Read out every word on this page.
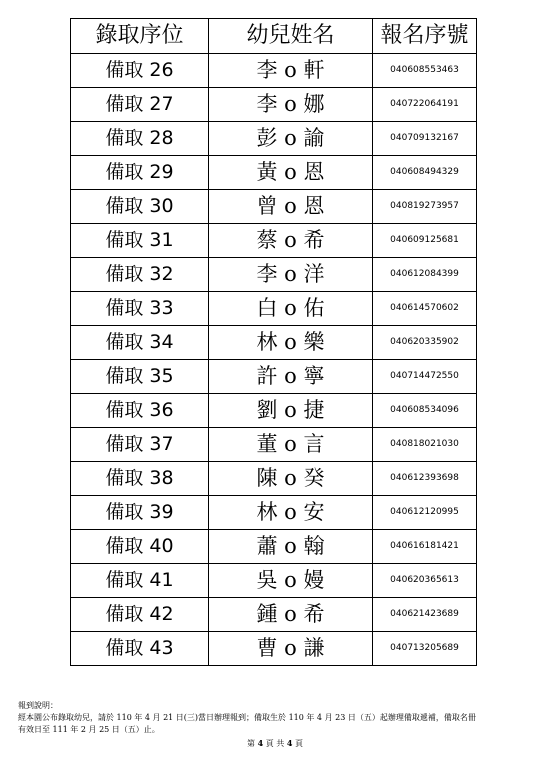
錄取序位	幼兒姓名	報名序號
備取 26	李 o 軒	040608553463
備取 27	李 o 娜	040722064191
備取 28	彭 o 諭	040709132167
備取 29	黃 o 恩	040608494329
備取 30	曾 o 恩	040819273957
備取 31	蔡 o 希	040609125681
備取 32	李 o 洋	040612084399
備取 33	白 o 佑	040614570602
備取 34	林 o 樂	040620335902
備取 35	許 o 寧	040714472550
備取 36	劉 o 捷	040608534096
備取 37	董 o 言	040818021030
備取 38	陳 o 癸	040612393698
備取 39	林 o 安	040612120995
備取 40	蕭 o 翰	040616181421
備取 41	吳 o 嫚	040620365613
備取 42	鍾 o 希	040621423689
備取 43	曹 o 謙	040713205689
報到說明：
經本園公布錄取幼兒，請於 110 年 4 月 21 日(三)當日辦理報到；備取生於 110 年 4 月 23 日（五）起辦理備取遞補，備取名冊
有效日至 111 年 2 月 25 日（五）止。
第 4 頁 共 4 頁
